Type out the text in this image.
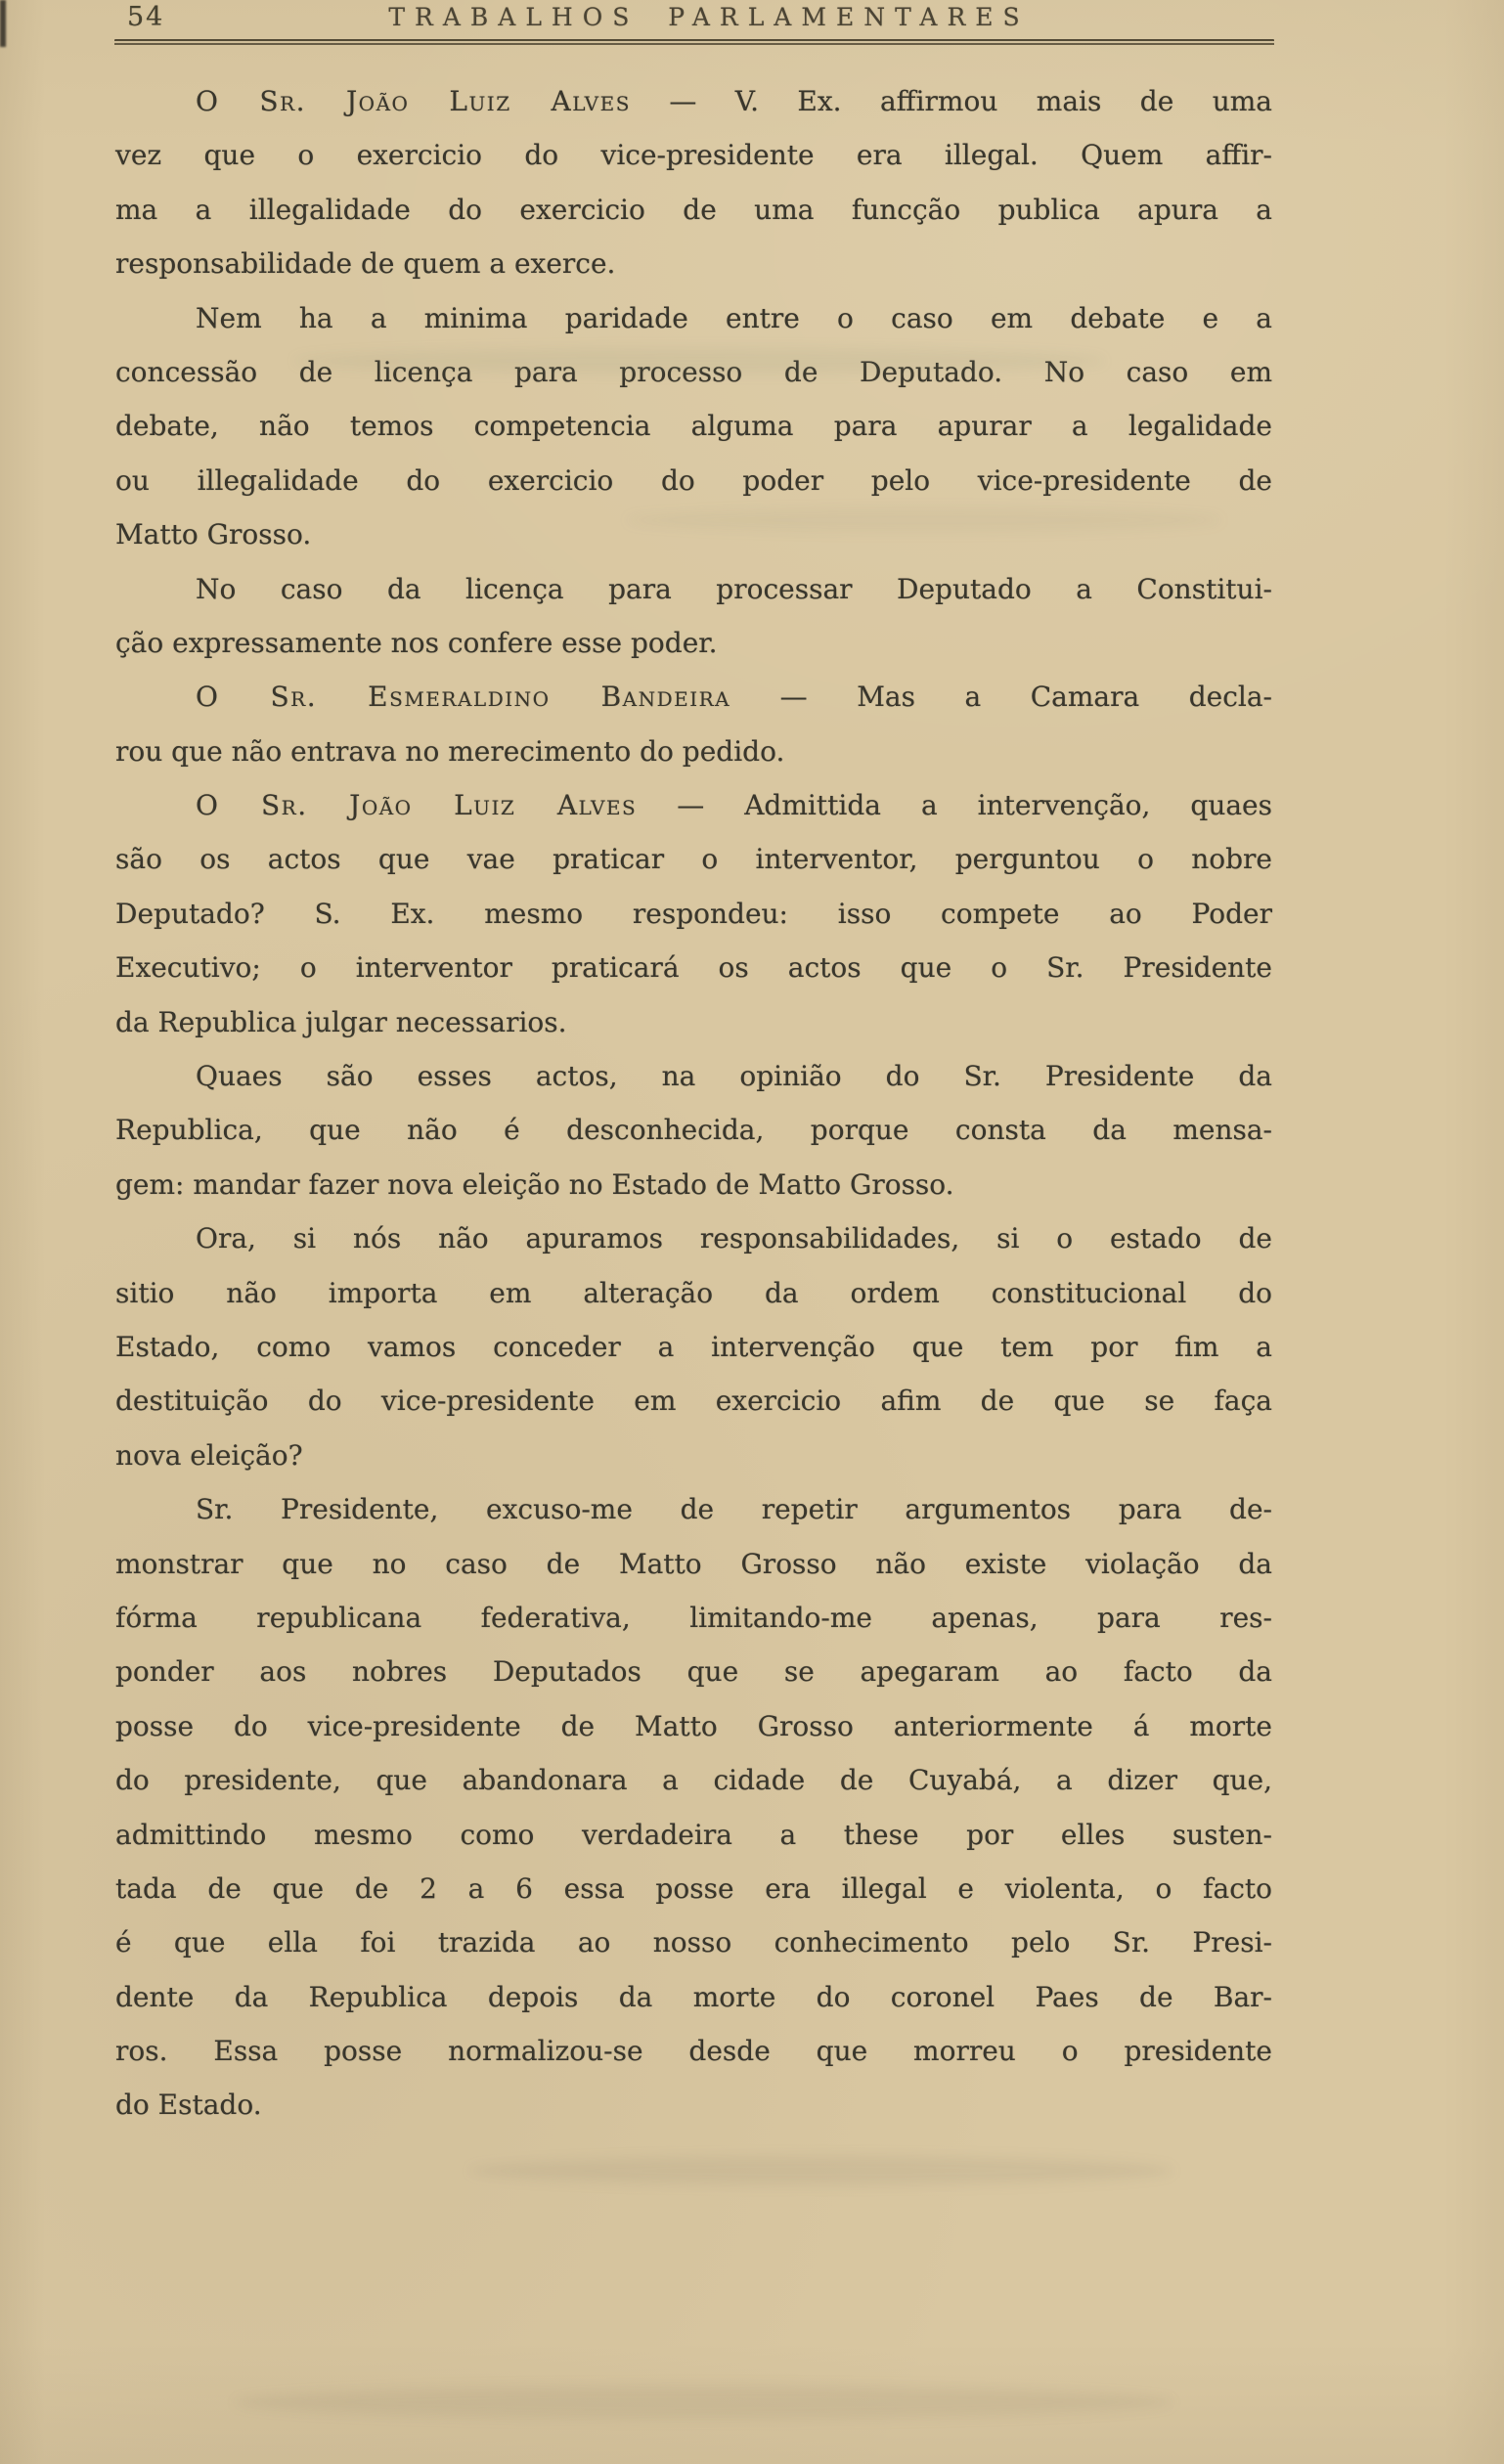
54	TRABALHOS PARLAMENTARES
O Sr. João Luiz Alves — V. Ex. affirmou mais de uma
vez que o exercicio do vice-presidente era illegal. Quem affir-
ma a illegalidade do exercicio de uma funcção publica apura a
responsabilidade de quem a exerce.
Nem ha a minima paridade entre o caso em debate e a
concessão de licença para processo de Deputado. No caso em
debate, não temos competencia alguma para apurar a legalidade
ou illegalidade do exercicio do poder pelo vice-presidente de
Matto Grosso.
No caso da licença para processar Deputado a Constitui-
ção expressamente nos confere esse poder.
O Sr. Esmeraldino Bandeira — Mas a Camara decla-
rou que não entrava no merecimento do pedido.
O Sr. João Luiz Alves — Admittida a intervenção, quaes
são os actos que vae praticar o interventor, perguntou o nobre
Deputado? S. Ex. mesmo respondeu: isso compete ao Poder
Executivo; o interventor praticará os actos que o Sr. Presidente
da Republica julgar necessarios.
Quaes são esses actos, na opinião do Sr. Presidente da
Republica, que não é desconhecida, porque consta da mensa-
gem: mandar fazer nova eleição no Estado de Matto Grosso.
Ora, si nós não apuramos responsabilidades, si o estado de
sitio não importa em alteração da ordem constitucional do
Estado, como vamos conceder a intervenção que tem por fim a
destituição do vice-presidente em exercicio afim de que se faça
nova eleição?
Sr. Presidente, excuso-me de repetir argumentos para de-
monstrar que no caso de Matto Grosso não existe violação da
fórma republicana federativa, limitando-me apenas, para res-
ponder aos nobres Deputados que se apegaram ao facto da
posse do vice-presidente de Matto Grosso anteriormente á morte
do presidente, que abandonara a cidade de Cuyabá, a dizer que,
admittindo mesmo como verdadeira a these por elles susten-
tada de que de 2 a 6 essa posse era illegal e violenta, o facto
é que ella foi trazida ao nosso conhecimento pelo Sr. Presi-
dente da Republica depois da morte do coronel Paes de Bar-
ros. Essa posse normalizou-se desde que morreu o presidente
do Estado.
